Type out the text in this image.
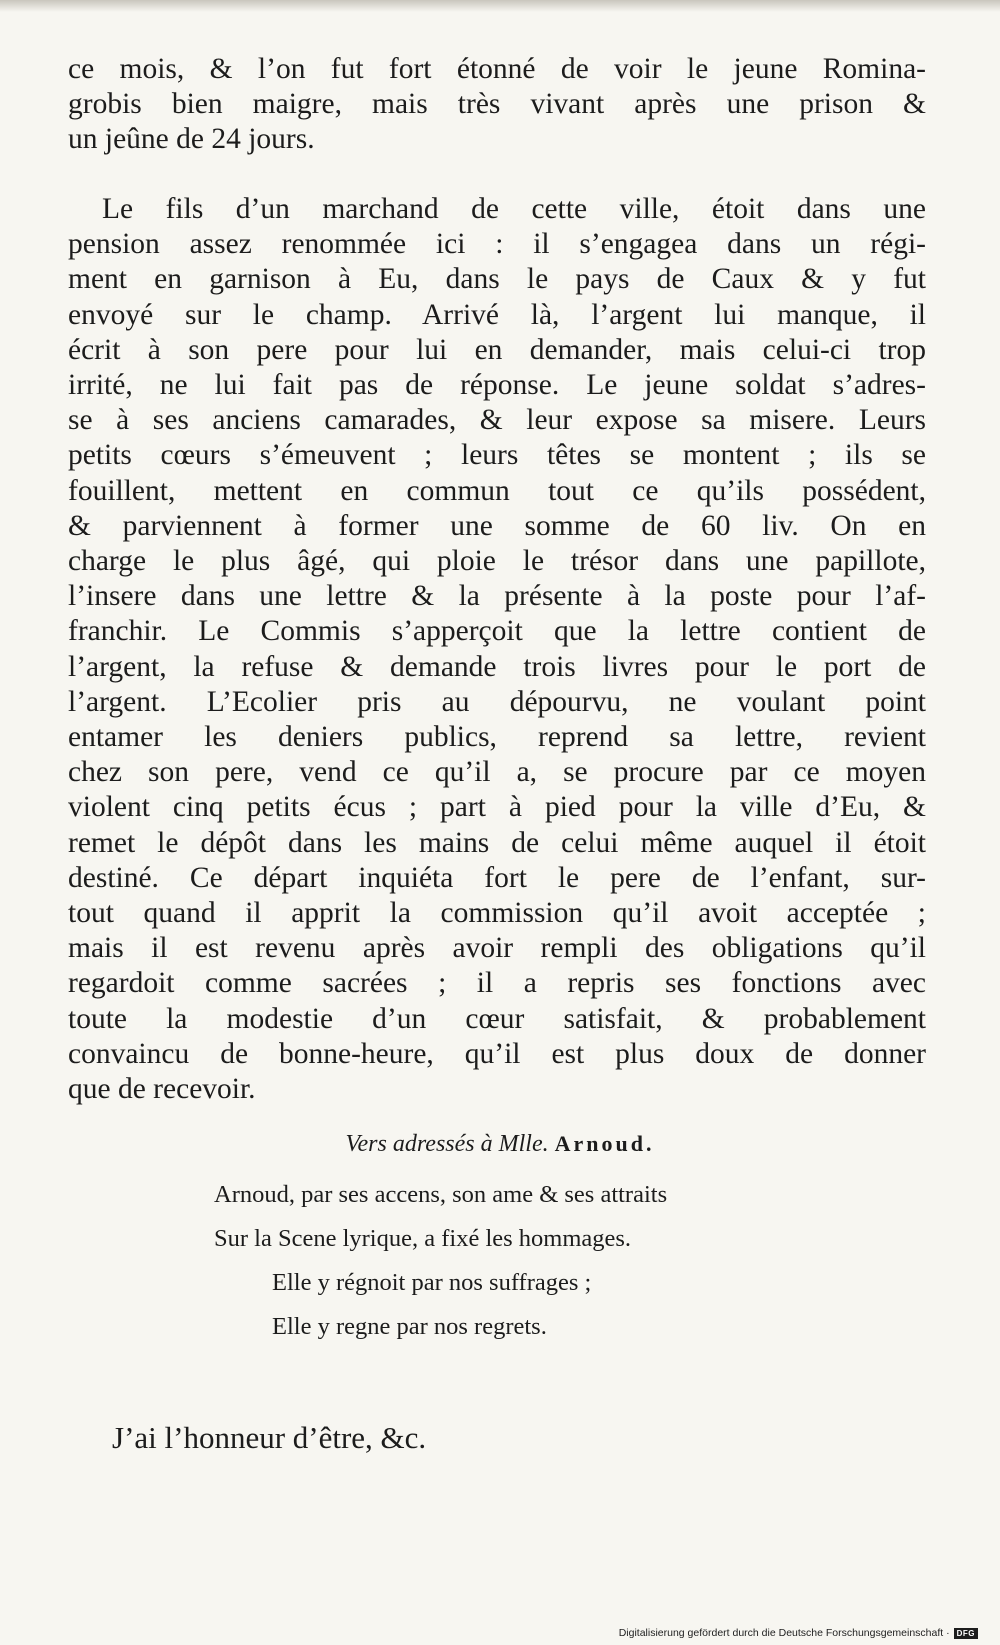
ce mois, & l’on fut fort étonné de voir le jeune Romina-
grobis bien maigre, mais très vivant après une prison &
un jeûne de 24 jours.
Le fils d’un marchand de cette ville, étoit dans une
pension assez renommée ici : il s’engagea dans un régi-
ment en garnison à Eu, dans le pays de Caux & y fut
envoyé sur le champ. Arrivé là, l’argent lui manque, il
écrit à son pere pour lui en demander, mais celui-ci trop
irrité, ne lui fait pas de réponse. Le jeune soldat s’adres-
se à ses anciens camarades, & leur expose sa misere. Leurs
petits cœurs s’émeuvent ; leurs têtes se montent ; ils se
fouillent, mettent en commun tout ce qu’ils possédent,
& parviennent à former une somme de 60 liv. On en
charge le plus âgé, qui ploie le trésor dans une papillote,
l’insere dans une lettre & la présente à la poste pour l’af-
franchir. Le Commis s’apperçoit que la lettre contient de
l’argent, la refuse & demande trois livres pour le port de
l’argent. L’Ecolier pris au dépourvu, ne voulant point
entamer les deniers publics, reprend sa lettre, revient
chez son pere, vend ce qu’il a, se procure par ce moyen
violent cinq petits écus ; part à pied pour la ville d’Eu, &
remet le dépôt dans les mains de celui même auquel il étoit
destiné. Ce départ inquiéta fort le pere de l’enfant, sur-
tout quand il apprit la commission qu’il avoit acceptée ;
mais il est revenu après avoir rempli des obligations qu’il
regardoit comme sacrées ; il a repris ses fonctions avec
toute la modestie d’un cœur satisfait, & probablement
convaincu de bonne-heure, qu’il est plus doux de donner
que de recevoir.
Vers adressés à Mlle. Arnoud.
Arnoud, par ses accens, son ame & ses attraits
Sur la Scene lyrique, a fixé les hommages.
Elle y régnoit par nos suffrages ;
Elle y regne par nos regrets.
J’ai l’honneur d’être, &c.
Digitalisierung gefördert durch die Deutsche Forschungsgemeinschaft · DFG
